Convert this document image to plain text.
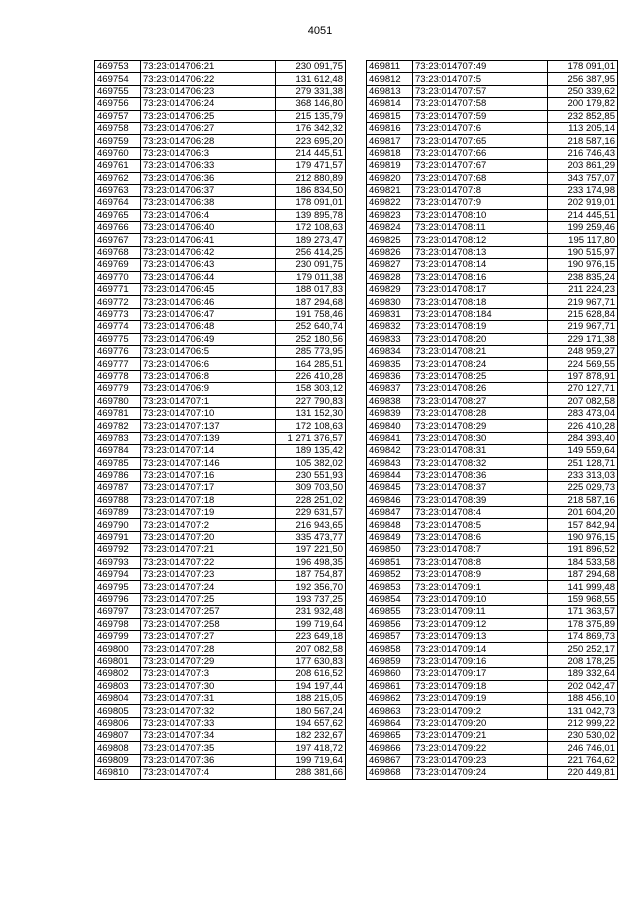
4051
469753	73:23:014706:21	230 091,75
469754	73:23:014706:22	131 612,48
469755	73:23:014706:23	279 331,38
469756	73:23:014706:24	368 146,80
469757	73:23:014706:25	215 135,79
469758	73:23:014706:27	176 342,32
469759	73:23:014706:28	223 695,20
469760	73:23:014706:3	214 445,51
469761	73:23:014706:33	179 471,57
469762	73:23:014706:36	212 880,89
469763	73:23:014706:37	186 834,50
469764	73:23:014706:38	178 091,01
469765	73:23:014706:4	139 895,78
469766	73:23:014706:40	172 108,63
469767	73:23:014706:41	189 273,47
469768	73:23:014706:42	256 414,25
469769	73:23:014706:43	230 091,75
469770	73:23:014706:44	179 011,38
469771	73:23:014706:45	188 017,83
469772	73:23:014706:46	187 294,68
469773	73:23:014706:47	191 758,46
469774	73:23:014706:48	252 640,74
469775	73:23:014706:49	252 180,56
469776	73:23:014706:5	285 773,95
469777	73:23:014706:6	164 285,51
469778	73:23:014706:8	226 410,28
469779	73:23:014706:9	158 303,12
469780	73:23:014707:1	227 790,83
469781	73:23:014707:10	131 152,30
469782	73:23:014707:137	172 108,63
469783	73:23:014707:139	1 271 376,57
469784	73:23:014707:14	189 135,42
469785	73:23:014707:146	105 382,02
469786	73:23:014707:16	230 551,93
469787	73:23:014707:17	309 703,50
469788	73:23:014707:18	228 251,02
469789	73:23:014707:19	229 631,57
469790	73:23:014707:2	216 943,65
469791	73:23:014707:20	335 473,77
469792	73:23:014707:21	197 221,50
469793	73:23:014707:22	196 498,35
469794	73:23:014707:23	187 754,87
469795	73:23:014707:24	192 356,70
469796	73:23:014707:25	193 737,25
469797	73:23:014707:257	231 932,48
469798	73:23:014707:258	199 719,64
469799	73:23:014707:27	223 649,18
469800	73:23:014707:28	207 082,58
469801	73:23:014707:29	177 630,83
469802	73:23:014707:3	208 616,52
469803	73:23:014707:30	194 197,44
469804	73:23:014707:31	188 215,05
469805	73:23:014707:32	180 567,24
469806	73:23:014707:33	194 657,62
469807	73:23:014707:34	182 232,67
469808	73:23:014707:35	197 418,72
469809	73:23:014707:36	199 719,64
469810	73:23:014707:4	288 381,66
469811	73:23:014707:49	178 091,01
469812	73:23:014707:5	256 387,95
469813	73:23:014707:57	250 339,62
469814	73:23:014707:58	200 179,82
469815	73:23:014707:59	232 852,85
469816	73:23:014707:6	113 205,14
469817	73:23:014707:65	218 587,16
469818	73:23:014707:66	216 746,43
469819	73:23:014707:67	203 861,29
469820	73:23:014707:68	343 757,07
469821	73:23:014707:8	233 174,98
469822	73:23:014707:9	202 919,01
469823	73:23:014708:10	214 445,51
469824	73:23:014708:11	199 259,46
469825	73:23:014708:12	195 117,80
469826	73:23:014708:13	190 515,97
469827	73:23:014708:14	190 976,15
469828	73:23:014708:16	238 835,24
469829	73:23:014708:17	211 224,23
469830	73:23:014708:18	219 967,71
469831	73:23:014708:184	215 628,84
469832	73:23:014708:19	219 967,71
469833	73:23:014708:20	229 171,38
469834	73:23:014708:21	248 959,27
469835	73:23:014708:24	224 569,55
469836	73:23:014708:25	197 878,91
469837	73:23:014708:26	270 127,71
469838	73:23:014708:27	207 082,58
469839	73:23:014708:28	283 473,04
469840	73:23:014708:29	226 410,28
469841	73:23:014708:30	284 393,40
469842	73:23:014708:31	149 559,64
469843	73:23:014708:32	251 128,71
469844	73:23:014708:36	233 313,03
469845	73:23:014708:37	225 029,73
469846	73:23:014708:39	218 587,16
469847	73:23:014708:4	201 604,20
469848	73:23:014708:5	157 842,94
469849	73:23:014708:6	190 976,15
469850	73:23:014708:7	191 896,52
469851	73:23:014708:8	184 533,58
469852	73:23:014708:9	187 294,68
469853	73:23:014709:1	141 999,48
469854	73:23:014709:10	159 968,55
469855	73:23:014709:11	171 363,57
469856	73:23:014709:12	178 375,89
469857	73:23:014709:13	174 869,73
469858	73:23:014709:14	250 252,17
469859	73:23:014709:16	208 178,25
469860	73:23:014709:17	189 332,64
469861	73:23:014709:18	202 042,47
469862	73:23:014709:19	188 456,10
469863	73:23:014709:2	131 042,73
469864	73:23:014709:20	212 999,22
469865	73:23:014709:21	230 530,02
469866	73:23:014709:22	246 746,01
469867	73:23:014709:23	221 764,62
469868	73:23:014709:24	220 449,81
